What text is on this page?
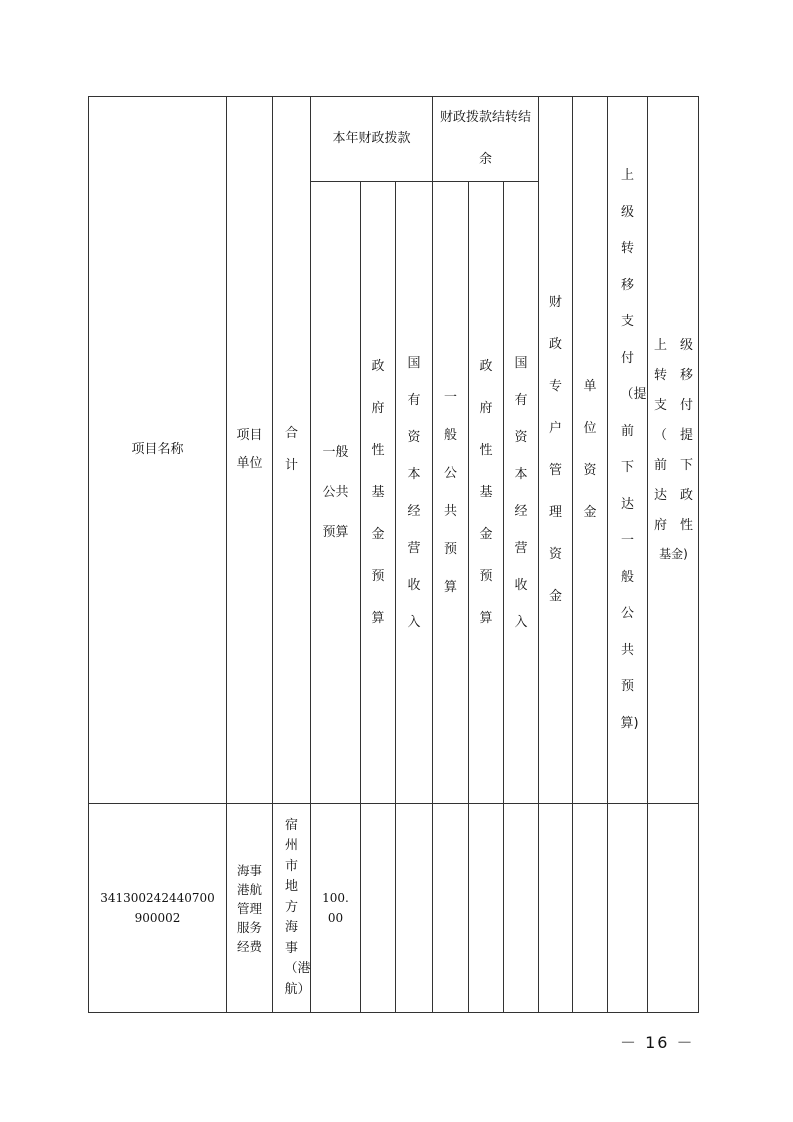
项目名称
项目单位
合计
本年财政拨款
财政拨款结转结余
一般公共预算
政府性基金预算
国有资本经营收入
一般公共预算
政府性基金预算
国有资本经营收入
财政专户管理资金
单位资金
上级转移支付（提前下达一般公共预算)
上 级
转 移
支 付
（ 提
前 下
达 政
府 性
基金)
341300242440700900002
海事港航管理服务经费
宿州市地方海事（港航）
100.00
－ 16 －
